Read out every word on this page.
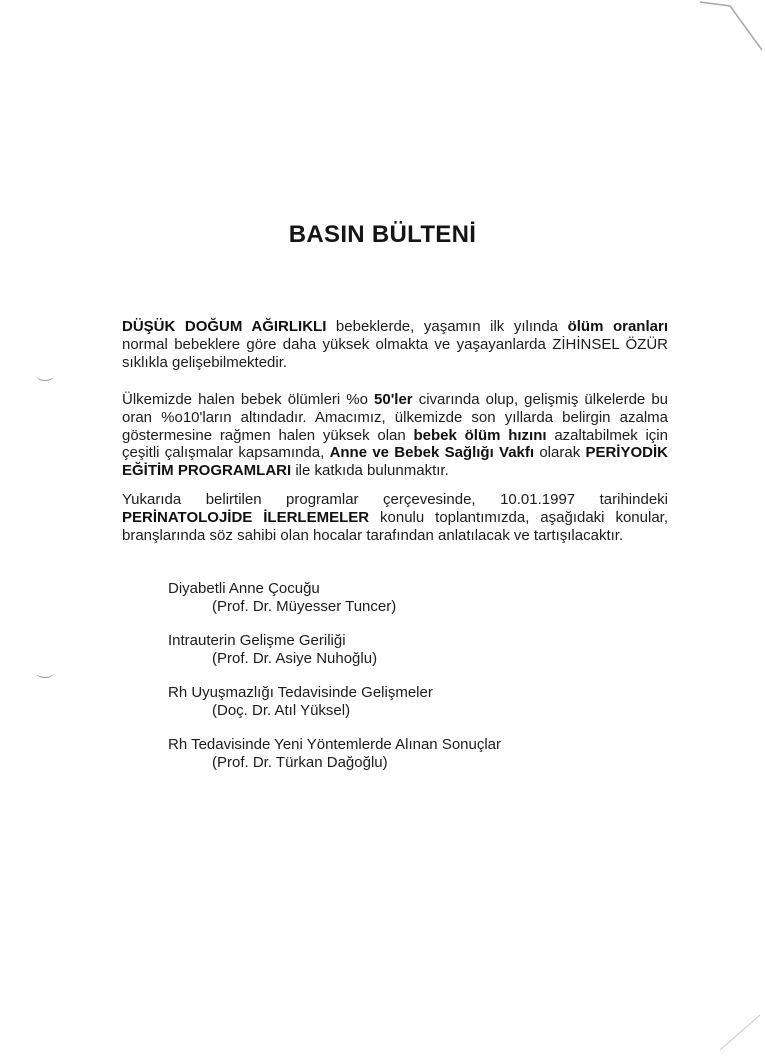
BASIN BÜLTENİ
DÜŞÜK DOĞUM AĞIRLIKLI bebeklerde, yaşamın ilk yılında ölüm oranları normal bebeklere göre daha yüksek olmakta ve yaşayanlarda ZİHİNSEL ÖZÜR sıklıkla gelişebilmektedir.
Ülkemizde halen bebek ölümleri %o 50'ler civarında olup, gelişmiş ülkelerde bu oran %o10'ların altındadır. Amacımız, ülkemizde son yıllarda belirgin azalma göstermesine rağmen halen yüksek olan bebek ölüm hızını azaltabilmek için çeşitli çalışmalar kapsamında, Anne ve Bebek Sağlığı Vakfı olarak PERİYODİK EĞİTİM PROGRAMLARI ile katkıda bulunmaktır.
Yukarıda belirtilen programlar çerçevesinde, 10.01.1997 tarihindeki PERİNATOLOJİDE İLERLEMELER konulu toplantımızda, aşağıdaki konular, branşlarında söz sahibi olan hocalar tarafından anlatılacak ve tartışılacaktır.
Diyabetli Anne Çocuğu
(Prof. Dr. Müyesser Tuncer)
Intrauterin Gelişme Geriliği
(Prof. Dr. Asiye Nuhoğlu)
Rh Uyuşmazlığı Tedavisinde Gelişmeler
(Doç. Dr. Atıl Yüksel)
Rh Tedavisinde Yeni Yöntemlerde Alınan Sonuçlar
(Prof. Dr. Türkan Dağoğlu)
